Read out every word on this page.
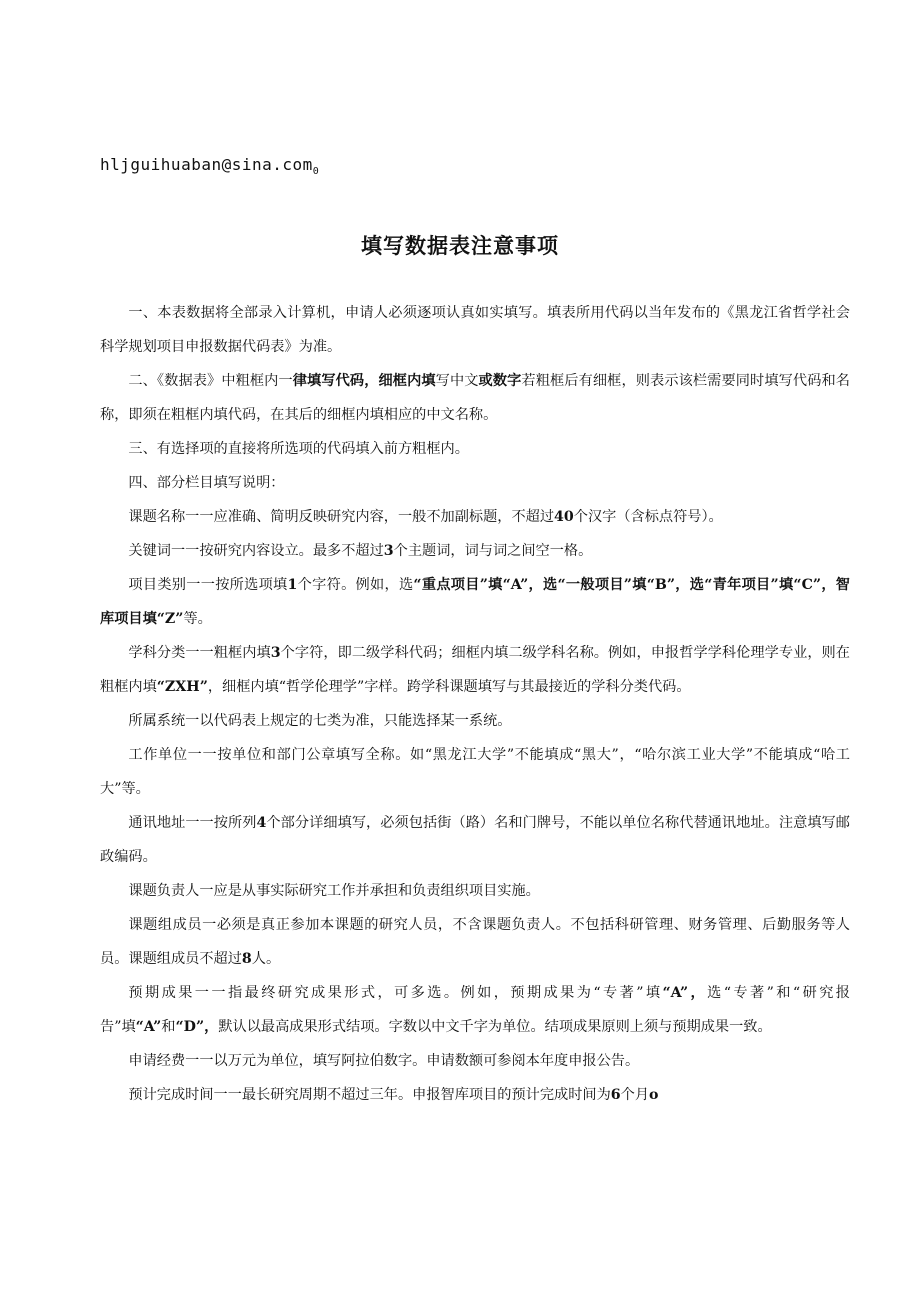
hljguihuaban@sina.com$_0$
填写数据表注意事项

一、本表数据将全部录入计算机，申请人必须逐项认真如实填写。填表所用代码以当年发布的《黑龙江省哲学社会科学规划项目申报数据代码表》为准。

二、《数据表》中粗框内一律填写代码，细框内填写中文或数字若粗框后有细框，则表示该栏需要同时填写代码和名称，即须在粗框内填代码，在其后的细框内填相应的中文名称。

三、有选择项的直接将所选项的代码填入前方粗框内。

四、部分栏目填写说明：

课题名称一一应准确、简明反映研究内容，一般不加副标题，不超过40个汉字（含标点符号）。

关键词一一按研究内容设立。最多不超过3个主题词，词与词之间空一格。

项目类别一一按所选项填1个字符。例如，选“重点项目”填“A”，选“一般项目”填“B”，选“青年项目”填“C”，智库项目填“Z”等。

学科分类一一粗框内填3个字符，即二级学科代码；细框内填二级学科名称。例如，申报哲学学科伦理学专业，则在粗框内填“ZXH”，细框内填“哲学伦理学”字样。跨学科课题填写与其最接近的学科分类代码。

所属系统一以代码表上规定的七类为准，只能选择某一系统。

工作单位一一按单位和部门公章填写全称。如“黑龙江大学”不能填成“黑大”，“哈尔滨工业大学”不能填成“哈工大”等。

通讯地址一一按所列4个部分详细填写，必须包括街（路）名和门牌号，不能以单位名称代替通讯地址。注意填写邮政编码。

课题负责人一应是从事实际研究工作并承担和负责组织项目实施。

课题组成员一必须是真正参加本课题的研究人员，不含课题负责人。不包括科研管理、财务管理、后勤服务等人员。课题组成员不超过8人。

预期成果一一指最终研究成果形式，可多选。例如，预期成果为“专著”填“A”，选“专著”和“研究报告”填“A”和“D”，默认以最高成果形式结项。字数以中文千字为单位。结项成果原则上须与预期成果一致。

申请经费一一以万元为单位，填写阿拉伯数字。申请数额可参阅本年度申报公告。

预计完成时间一一最长研究周期不超过三年。申报智库项目的预计完成时间为6个月o
